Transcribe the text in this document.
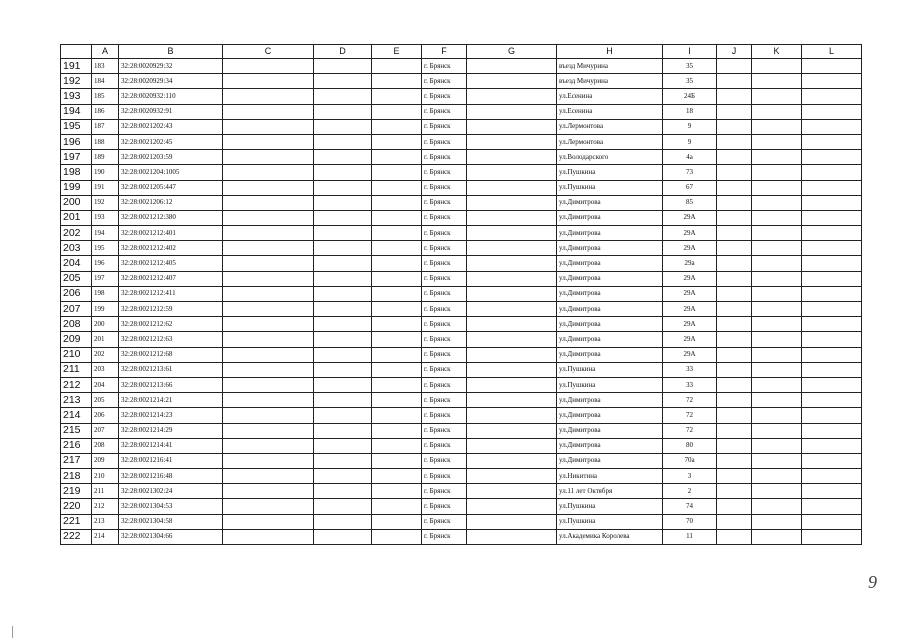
	A	B	C	D	E	F	G	H	I	J	K	L
191	183	32:28:0020929:32				г. Брянск		въезд Мичурина	35			
192	184	32:28:0020929:34				г. Брянск		въезд Мичурина	35			
193	185	32:28:0020932:110				г. Брянск		ул.Есенина	24Б			
194	186	32:28:0020932:91				г. Брянск		ул.Есенина	18			
195	187	32:28:0021202:43				г. Брянск		ул.Лермонтова	9			
196	188	32:28:0021202:45				г. Брянск		ул.Лермонтова	9			
197	189	32:28:0021203:59				г. Брянск		ул.Володарского	4а			
198	190	32:28:0021204:1005				г. Брянск		ул.Пушкина	73			
199	191	32:28:0021205:447				г. Брянск		ул.Пушкина	67			
200	192	32:28:0021206:12				г. Брянск		ул.Димитрова	85			
201	193	32:28:0021212:380				г. Брянск		ул.Димитрова	29А			
202	194	32:28:0021212:401				г. Брянск		ул.Димитрова	29А			
203	195	32:28:0021212:402				г. Брянск		ул.Димитрова	29А			
204	196	32:28:0021212:405				г. Брянск		ул.Димитрова	29а			
205	197	32:28:0021212:407				г. Брянск		ул.Димитрова	29А			
206	198	32:28:0021212:411				г. Брянск		ул.Димитрова	29А			
207	199	32:28:0021212:59				г. Брянск		ул.Димитрова	29А			
208	200	32:28:0021212:62				г. Брянск		ул.Димитрова	29А			
209	201	32:28:0021212:63				г. Брянск		ул.Димитрова	29А			
210	202	32:28:0021212:68				г. Брянск		ул.Димитрова	29А			
211	203	32:28:0021213:61				г. Брянск		ул.Пушкина	33			
212	204	32:28:0021213:66				г. Брянск		ул.Пушкина	33			
213	205	32:28:0021214:21				г. Брянск		ул.Димитрова	72			
214	206	32:28:0021214:23				г. Брянск		ул.Димитрова	72			
215	207	32:28:0021214:29				г. Брянск		ул.Димитрова	72			
216	208	32:28:0021214:41				г. Брянск		ул.Димитрова	80			
217	209	32:28:0021216:41				г. Брянск		ул.Димитрова	70а			
218	210	32:28:0021216:48				г. Брянск		ул.Никитина	3			
219	211	32:28:0021302:24				г. Брянск		ул.11 лет Октября	2			
220	212	32:28:0021304:53				г. Брянск		ул.Пушкина	74			
221	213	32:28:0021304:58				г. Брянск		ул.Пушкина	70			
222	214	32:28:0021304:66				г. Брянск		ул.Академика Королева	11			
9
